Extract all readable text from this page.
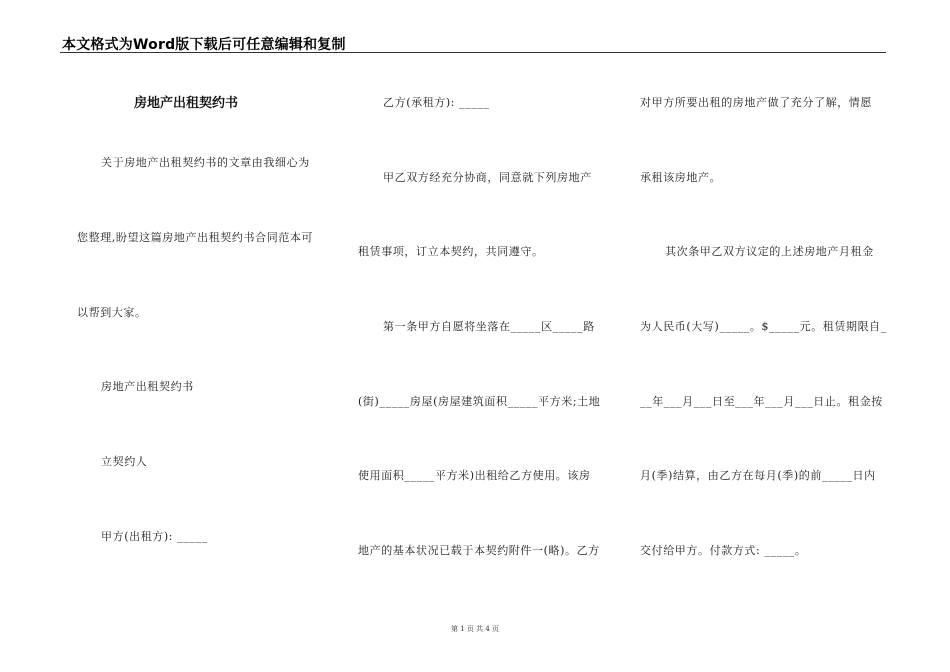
本文格式为Word版下载后可任意编辑和复制

房地产出租契约书

关于房地产出租契约书的文章由我细心为

您整理,盼望这篇房地产出租契约书合同范本可

以帮到大家。

房地产出租契约书

立契约人

甲方(出租方): _____

乙方(承租方): _____

甲乙双方经充分协商，同意就下列房地产

租赁事项，订立本契约，共同遵守。

第一条甲方自愿将坐落在_____区_____路

(街)_____房屋(房屋建筑面积_____平方米;土地

使用面积_____平方米)出租给乙方使用。该房

地产的基本状况已载于本契约附件一(略)。乙方

对甲方所要出租的房地产做了充分了解，情愿

承租该房地产。

其次条甲乙双方议定的上述房地产月租金

为人民币(大写)_____。$_____元。租赁期限自_

__年___月___日至___年___月___日止。租金按

月(季)结算，由乙方在每月(季)的前_____日内

交付给甲方。付款方式: _____。

第 1 页 共 4 页
